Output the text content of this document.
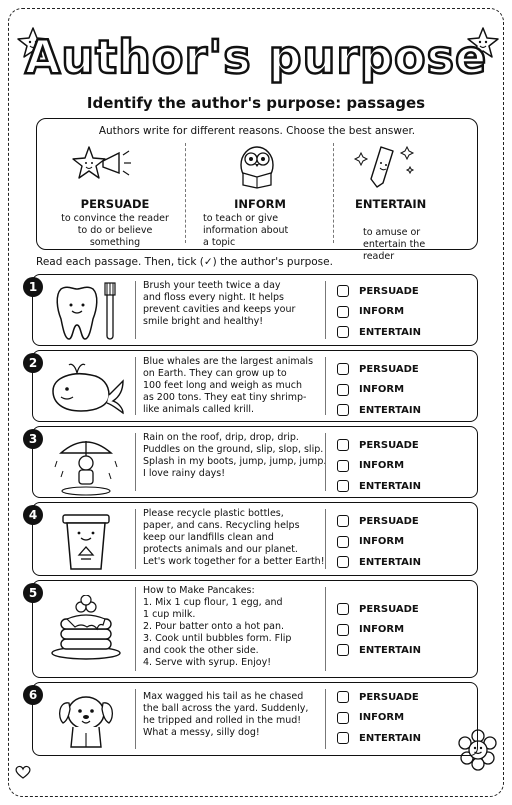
Author's purpose
Identify the author's purpose: passages
Authors write for different reasons. Choose the best answer.
PERSUADE
to convince the reader
to do or believe
something
INFORM
to teach or give
information about
a topic
ENTERTAIN
to amuse or
entertain the
reader
Read each passage. Then, tick (✓) the author's purpose.
1	Brush your teeth twice a day
and floss every night. It helps
prevent cavities and keeps your
smile bright and healthy!
PERSUADE
INFORM
ENTERTAIN
2	Blue whales are the largest animals
on Earth. They can grow up to
100 feet long and weigh as much
as 200 tons. They eat tiny shrimp-
like animals called krill.
PERSUADE
INFORM
ENTERTAIN
3	Rain on the roof, drip, drop, drip.
Puddles on the ground, slip, slop, slip.
Splash in my boots, jump, jump, jump.
I love rainy days!
PERSUADE
INFORM
ENTERTAIN
4	Please recycle plastic bottles,
paper, and cans. Recycling helps
keep our landfills clean and
protects animals and our planet.
Let's work together for a better Earth!
PERSUADE
INFORM
ENTERTAIN
5	How to Make Pancakes:
1. Mix 1 cup flour, 1 egg, and
1 cup milk.
2. Pour batter onto a hot pan.
3. Cook until bubbles form. Flip
and cook the other side.
4. Serve with syrup. Enjoy!
PERSUADE
INFORM
ENTERTAIN
6	Max wagged his tail as he chased
the ball across the yard. Suddenly,
he tripped and rolled in the mud!
What a messy, silly dog!
PERSUADE
INFORM
ENTERTAIN
